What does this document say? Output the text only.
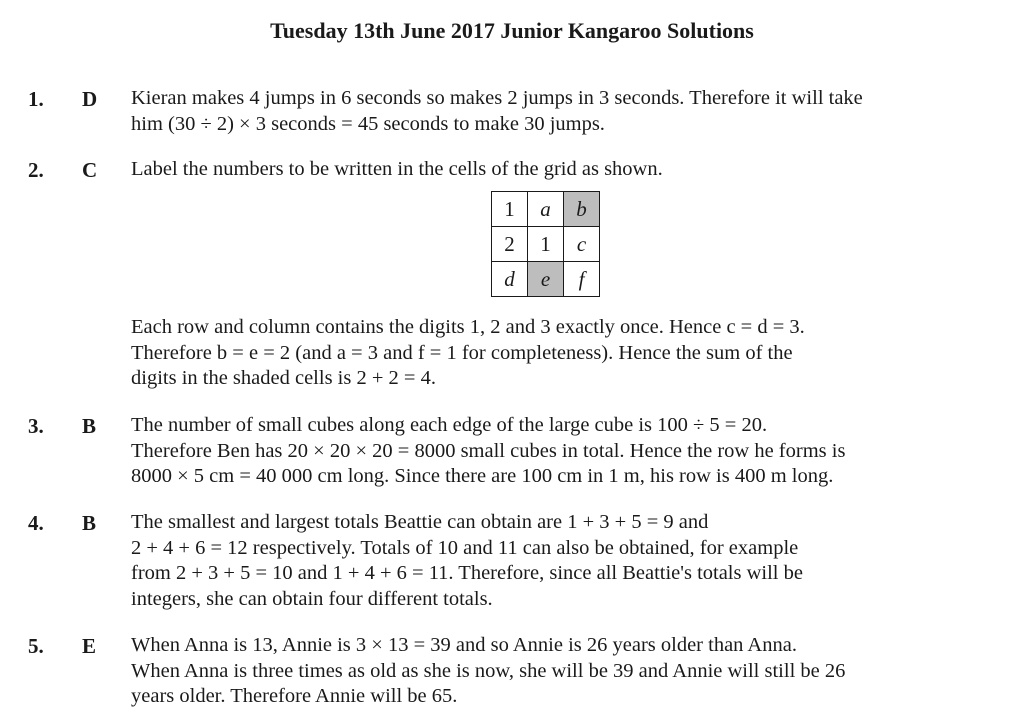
Tuesday 13th June 2017 Junior Kangaroo Solutions
1. D Kieran makes 4 jumps in 6 seconds so makes 2 jumps in 3 seconds. Therefore it will take
him (30 ÷ 2) × 3 seconds = 45 seconds to make 30 jumps.
2. C Label the numbers to be written in the cells of the grid as shown.
1	a	b
2	1	c
d	e	f
Each row and column contains the digits 1, 2 and 3 exactly once. Hence c = d = 3.
Therefore b = e = 2 (and a = 3 and f = 1 for completeness). Hence the sum of the
digits in the shaded cells is 2 + 2 = 4.
3. B The number of small cubes along each edge of the large cube is 100 ÷ 5 = 20.
Therefore Ben has 20 × 20 × 20 = 8000 small cubes in total. Hence the row he forms is
8000 × 5 cm = 40 000 cm long. Since there are 100 cm in 1 m, his row is 400 m long.
4. B The smallest and largest totals Beattie can obtain are 1 + 3 + 5 = 9 and
2 + 4 + 6 = 12 respectively. Totals of 10 and 11 can also be obtained, for example
from 2 + 3 + 5 = 10 and 1 + 4 + 6 = 11. Therefore, since all Beattie's totals will be
integers, she can obtain four different totals.
5. E When Anna is 13, Annie is 3 × 13 = 39 and so Annie is 26 years older than Anna.
When Anna is three times as old as she is now, she will be 39 and Annie will still be 26
years older. Therefore Annie will be 65.
